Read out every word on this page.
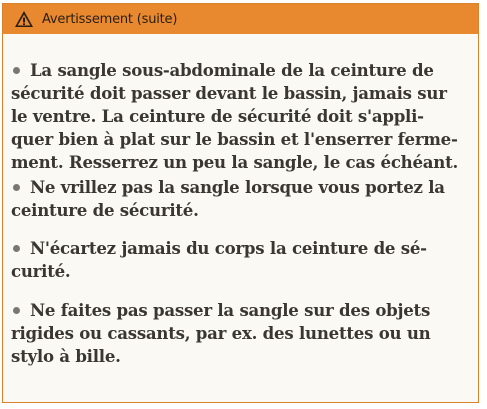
Avertissement (suite)
La sangle sous-abdominale de la ceinture de
sécurité doit passer devant le bassin, jamais sur
le ventre. La ceinture de sécurité doit s'appli-
quer bien à plat sur le bassin et l'enserrer ferme-
ment. Resserrez un peu la sangle, le cas échéant.
Ne vrillez pas la sangle lorsque vous portez la
ceinture de sécurité.
N'écartez jamais du corps la ceinture de sé-
curité.
Ne faites pas passer la sangle sur des objets
rigides ou cassants, par ex. des lunettes ou un
stylo à bille.
